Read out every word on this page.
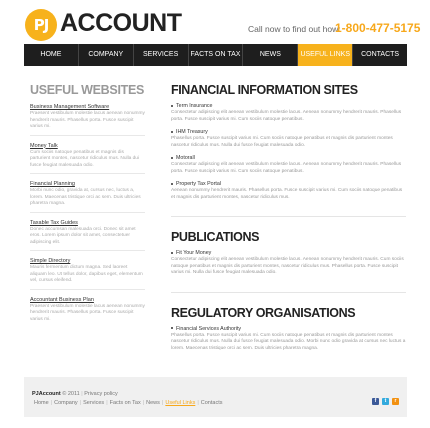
PJ ACCOUNT	Call now to find out how:
1-800-477-5175
HOME	COMPANY	SERVICES	FACTS ON TAX	NEWS	USEFUL LINKS	CONTACTS
USEFUL WEBSITES
Business Management Software
Praesent vestibulum molestie lacus aenean nonummy hendrerit mauris. Phasellus porta. Fusce suscipit varius mi.
Money Talk
Cum sociis natoque penatibus et magnis dis parturient montes, nascetur ridiculus mus. Nulla dui fusce feugiat malesuada odio.
Financial Planning
Morbi nunc odio, gravida at, cursus nec, luctus a, lorem. Maecenas tristique orci ac sem. Duis ultricies pharetra magna.
Taxable Tax Guides
Donec accumsan malesuada orci. Donec sit amet eros. Lorem ipsum dolor sit amet, consectetuer adipiscing elit.
Simple Directory
Mauris fermentum dictum magna. Sed laoreet aliquam leo. Ut tellus dolor, dapibus eget, elementum vel, cursus eleifend.
Accountant Business Plan
Praesent vestibulum molestie lacus aenean nonummy hendrerit mauris. Phasellus porta. Fusce suscipit varius mi.
FINANCIAL INFORMATION SITES
Term Insurance
Consectetur adipiscing elit aenean vestibulum molestie lacus. Aenean nonummy hendrerit mauris. Phasellus porta. Fusce suscipit varius mi. Cum sociis natoque penatibus.
IHM Treasury
Phasellus porta. Fusce suscipit varius mi. Cum sociis natoque penatibus et magnis dis parturient montes nascetur ridiculus mus. Nulla dui fusce feugiat malesuada odio.
Motorall
Consectetur adipiscing elit aenean vestibulum molestie lacus. Aenean nonummy hendrerit mauris. Phasellus porta. Fusce suscipit varius mi. Cum sociis natoque penatibus.
Property Tax Portal
Aenean nonummy hendrerit mauris. Phasellus porta. Fusce suscipit varius mi. Cum sociis natoque penatibus et magnis dis parturient montes, nascetur ridiculus mus.
PUBLICATIONS
Fit Your Money
Consectetur adipiscing elit aenean vestibulum molestie lacus. Aenean nonummy hendrerit mauris. Cum sociis natoque penatibus et magnis dis parturient montes, nascetur ridiculus mus. Phasellus porta. Fusce suscipit varius mi. Nulla dui fusce feugiat malesuada odio.
REGULATORY ORGANISATIONS
Financial Services Authority
Phasellus porta. Fusce suscipit varius mi. Cum sociis natoque penatibus et magnis dis parturient montes nascetur ridiculus mus. Nulla dui fusce feugiat malesuada odio. Morbi nunc odio gravida at cursus nec luctus a lorem. Maecenas tristique orci ac sem. Duis ultricies pharetra magna.
PJAccount © 2011 | Privacy policy
Home | Company | Services | Facts on Tax | News | Useful Links | Contacts	f	t	r
